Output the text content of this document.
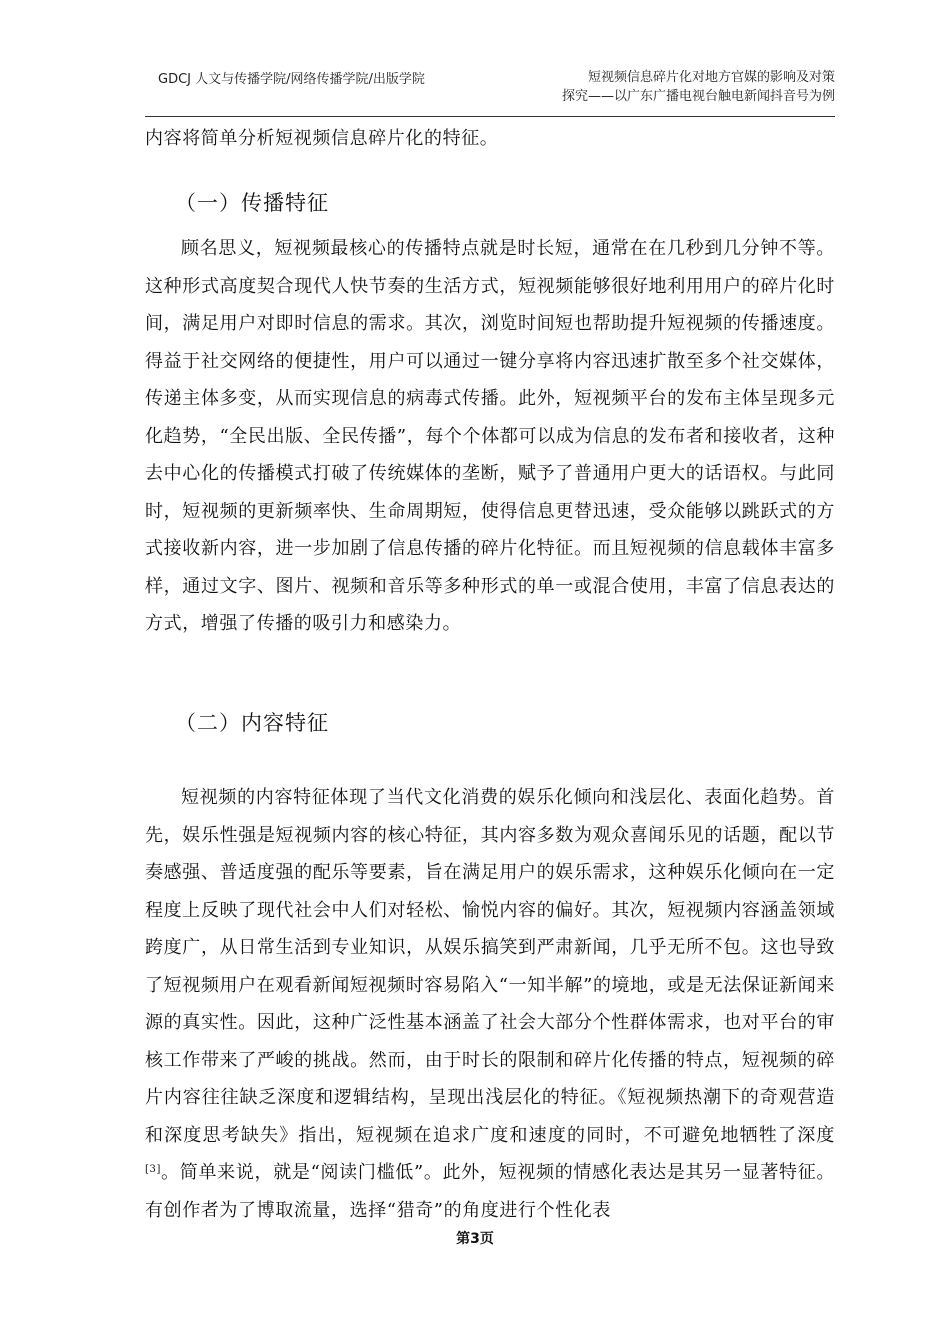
GDCJ 人文与传播学院/网络传播学院/出版学院	短视频信息碎片化对地方官媒的影响及对策
探究——以广东广播电视台触电新闻抖音号为例

内容将简单分析短视频信息碎片化的特征。

（一）传播特征

顾名思义，短视频最核心的传播特点就是时长短，通常在在几秒到几分钟不等。这种形式高度契合现代人快节奏的生活方式，短视频能够很好地利用用户的碎片化时间，满足用户对即时信息的需求。其次，浏览时间短也帮助提升短视频的传播速度。得益于社交网络的便捷性，用户可以通过一键分享将内容迅速扩散至多个社交媒体，传递主体多变，从而实现信息的病毒式传播。此外，短视频平台的发布主体呈现多元化趋势，“全民出版、全民传播”，每个个体都可以成为信息的发布者和接收者，这种去中心化的传播模式打破了传统媒体的垄断，赋予了普通用户更大的话语权。与此同时，短视频的更新频率快、生命周期短，使得信息更替迅速，受众能够以跳跃式的方式接收新内容，进一步加剧了信息传播的碎片化特征。而且短视频的信息载体丰富多样，通过文字、图片、视频和音乐等多种形式的单一或混合使用，丰富了信息表达的方式，增强了传播的吸引力和感染力。

（二）内容特征

短视频的内容特征体现了当代文化消费的娱乐化倾向和浅层化、表面化趋势。首先，娱乐性强是短视频内容的核心特征，其内容多数为观众喜闻乐见的话题，配以节奏感强、普适度强的配乐等要素，旨在满足用户的娱乐需求，这种娱乐化倾向在一定程度上反映了现代社会中人们对轻松、愉悦内容的偏好。其次，短视频内容涵盖领域跨度广，从日常生活到专业知识，从娱乐搞笑到严肃新闻，几乎无所不包。这也导致了短视频用户在观看新闻短视频时容易陷入“一知半解”的境地，或是无法保证新闻来源的真实性。因此，这种广泛性基本涵盖了社会大部分个性群体需求，也对平台的审核工作带来了严峻的挑战。然而，由于时长的限制和碎片化传播的特点，短视频的碎片内容往往缺乏深度和逻辑结构，呈现出浅层化的特征。《短视频热潮下的奇观营造和深度思考缺失》指出，短视频在追求广度和速度的同时，不可避免地牺牲了深度[3]。简单来说，就是“阅读门槛低”。此外，短视频的情感化表达是其另一显著特征。有创作者为了博取流量，选择“猎奇”的角度进行个性化表

第3页
